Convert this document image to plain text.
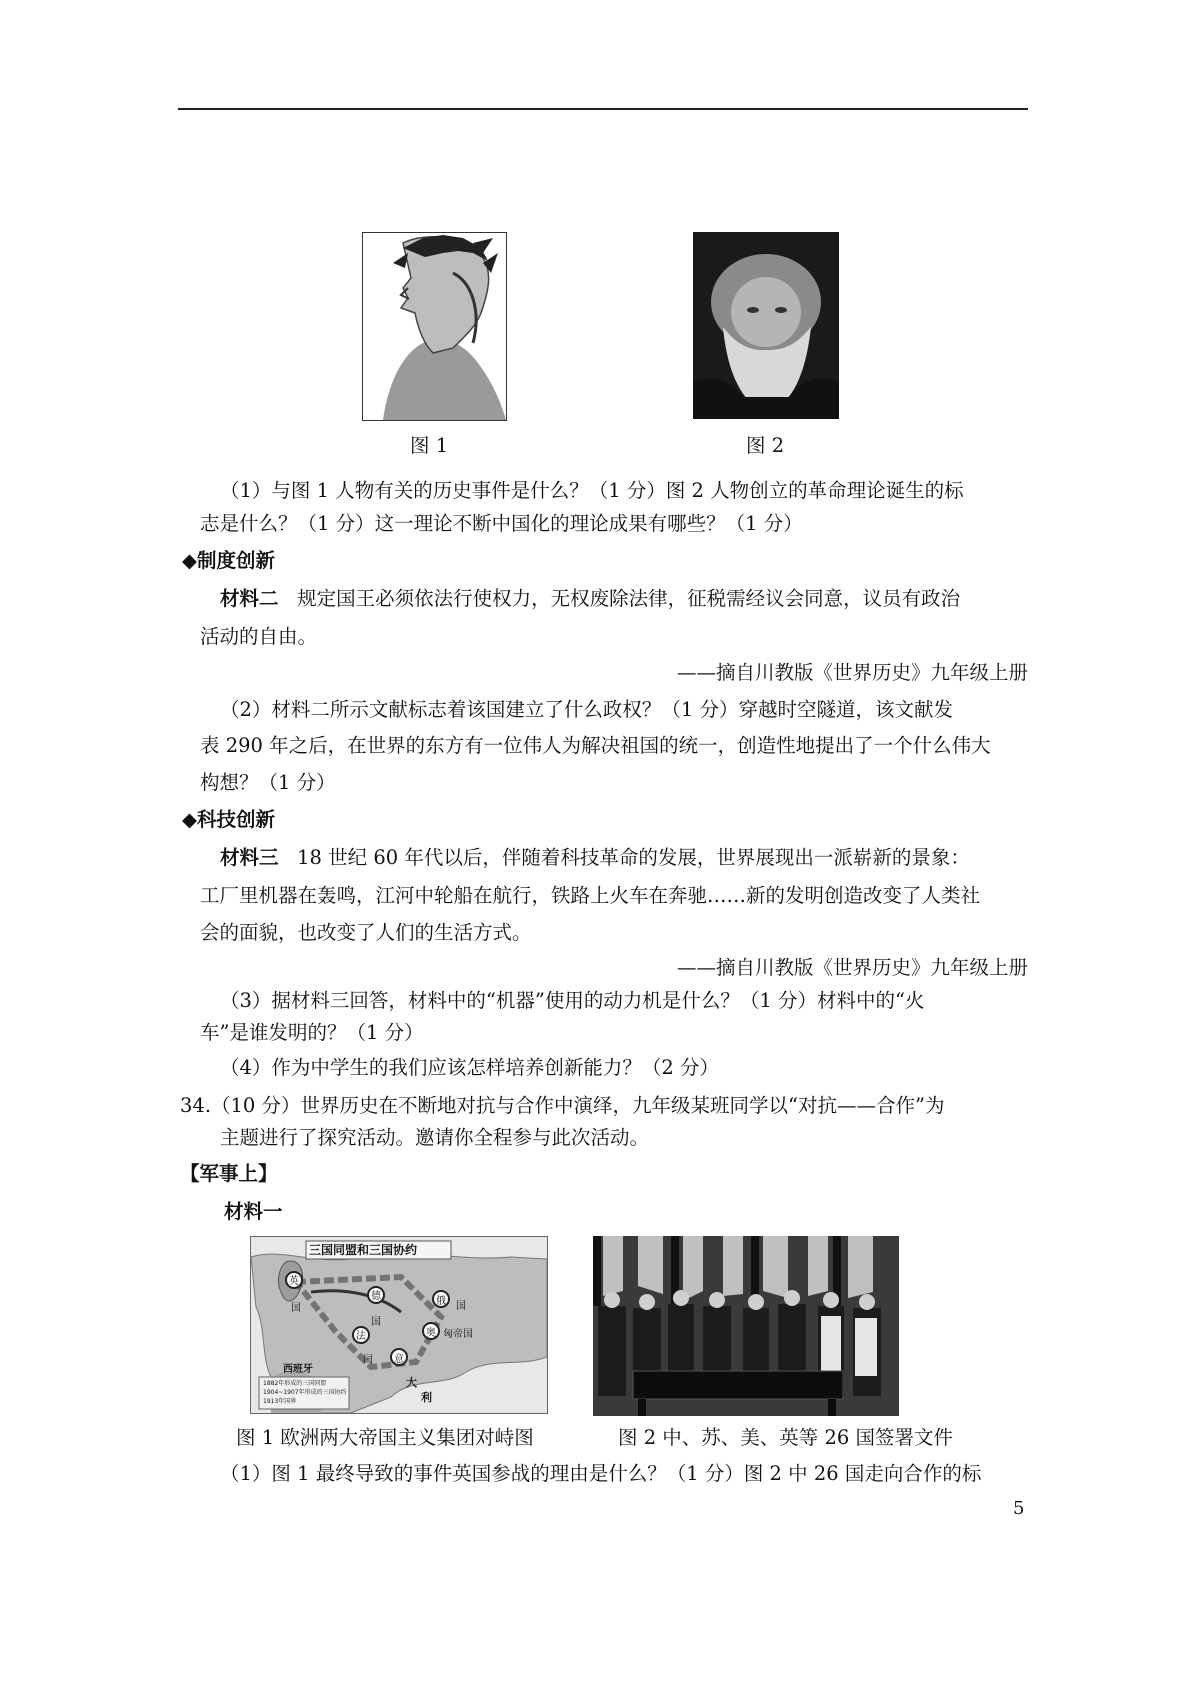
图 1	图 2
（1）与图 1 人物有关的历史事件是什么？（1 分）图 2 人物创立的革命理论诞生的标
志是什么？（1 分）这一理论不断中国化的理论成果有哪些？（1 分）
◆制度创新
材料二 规定国王必须依法行使权力，无权废除法律，征税需经议会同意，议员有政治
活动的自由。
——摘自川教版《世界历史》九年级上册
（2）材料二所示文献标志着该国建立了什么政权？（1 分）穿越时空隧道，该文献发
表 290 年之后，在世界的东方有一位伟人为解决祖国的统一，创造性地提出了一个什么伟大
构想？（1 分）
◆科技创新
材料三 18 世纪 60 年代以后，伴随着科技革命的发展，世界展现出一派崭新的景象：
工厂里机器在轰鸣，江河中轮船在航行，铁路上火车在奔驰……新的发明创造改变了人类社
会的面貌，也改变了人们的生活方式。
——摘自川教版《世界历史》九年级上册
（3）据材料三回答，材料中的“机器”使用的动力机是什么？（1 分）材料中的“火
车”是谁发明的？（1 分）
（4）作为中学生的我们应该怎样培养创新能力？（2 分）
34.（10 分）世界历史在不断地对抗与合作中演绎，九年级某班同学以“对抗——合作”为
主题进行了探究活动。邀请你全程参与此次活动。
【军事上】
材料一
三国同盟和三国协约
英
国
德
国
法
国
奥 匈帝国
俄 国
西班牙
意
大
利
1882年形成的三国同盟
1904~1907年形成的三国协约
1913年国界
图 1 欧洲两大帝国主义集团对峙图	图 2 中、苏、美、英等 26 国签署文件
（1）图 1 最终导致的事件英国参战的理由是什么？（1 分）图 2 中 26 国走向合作的标
5
